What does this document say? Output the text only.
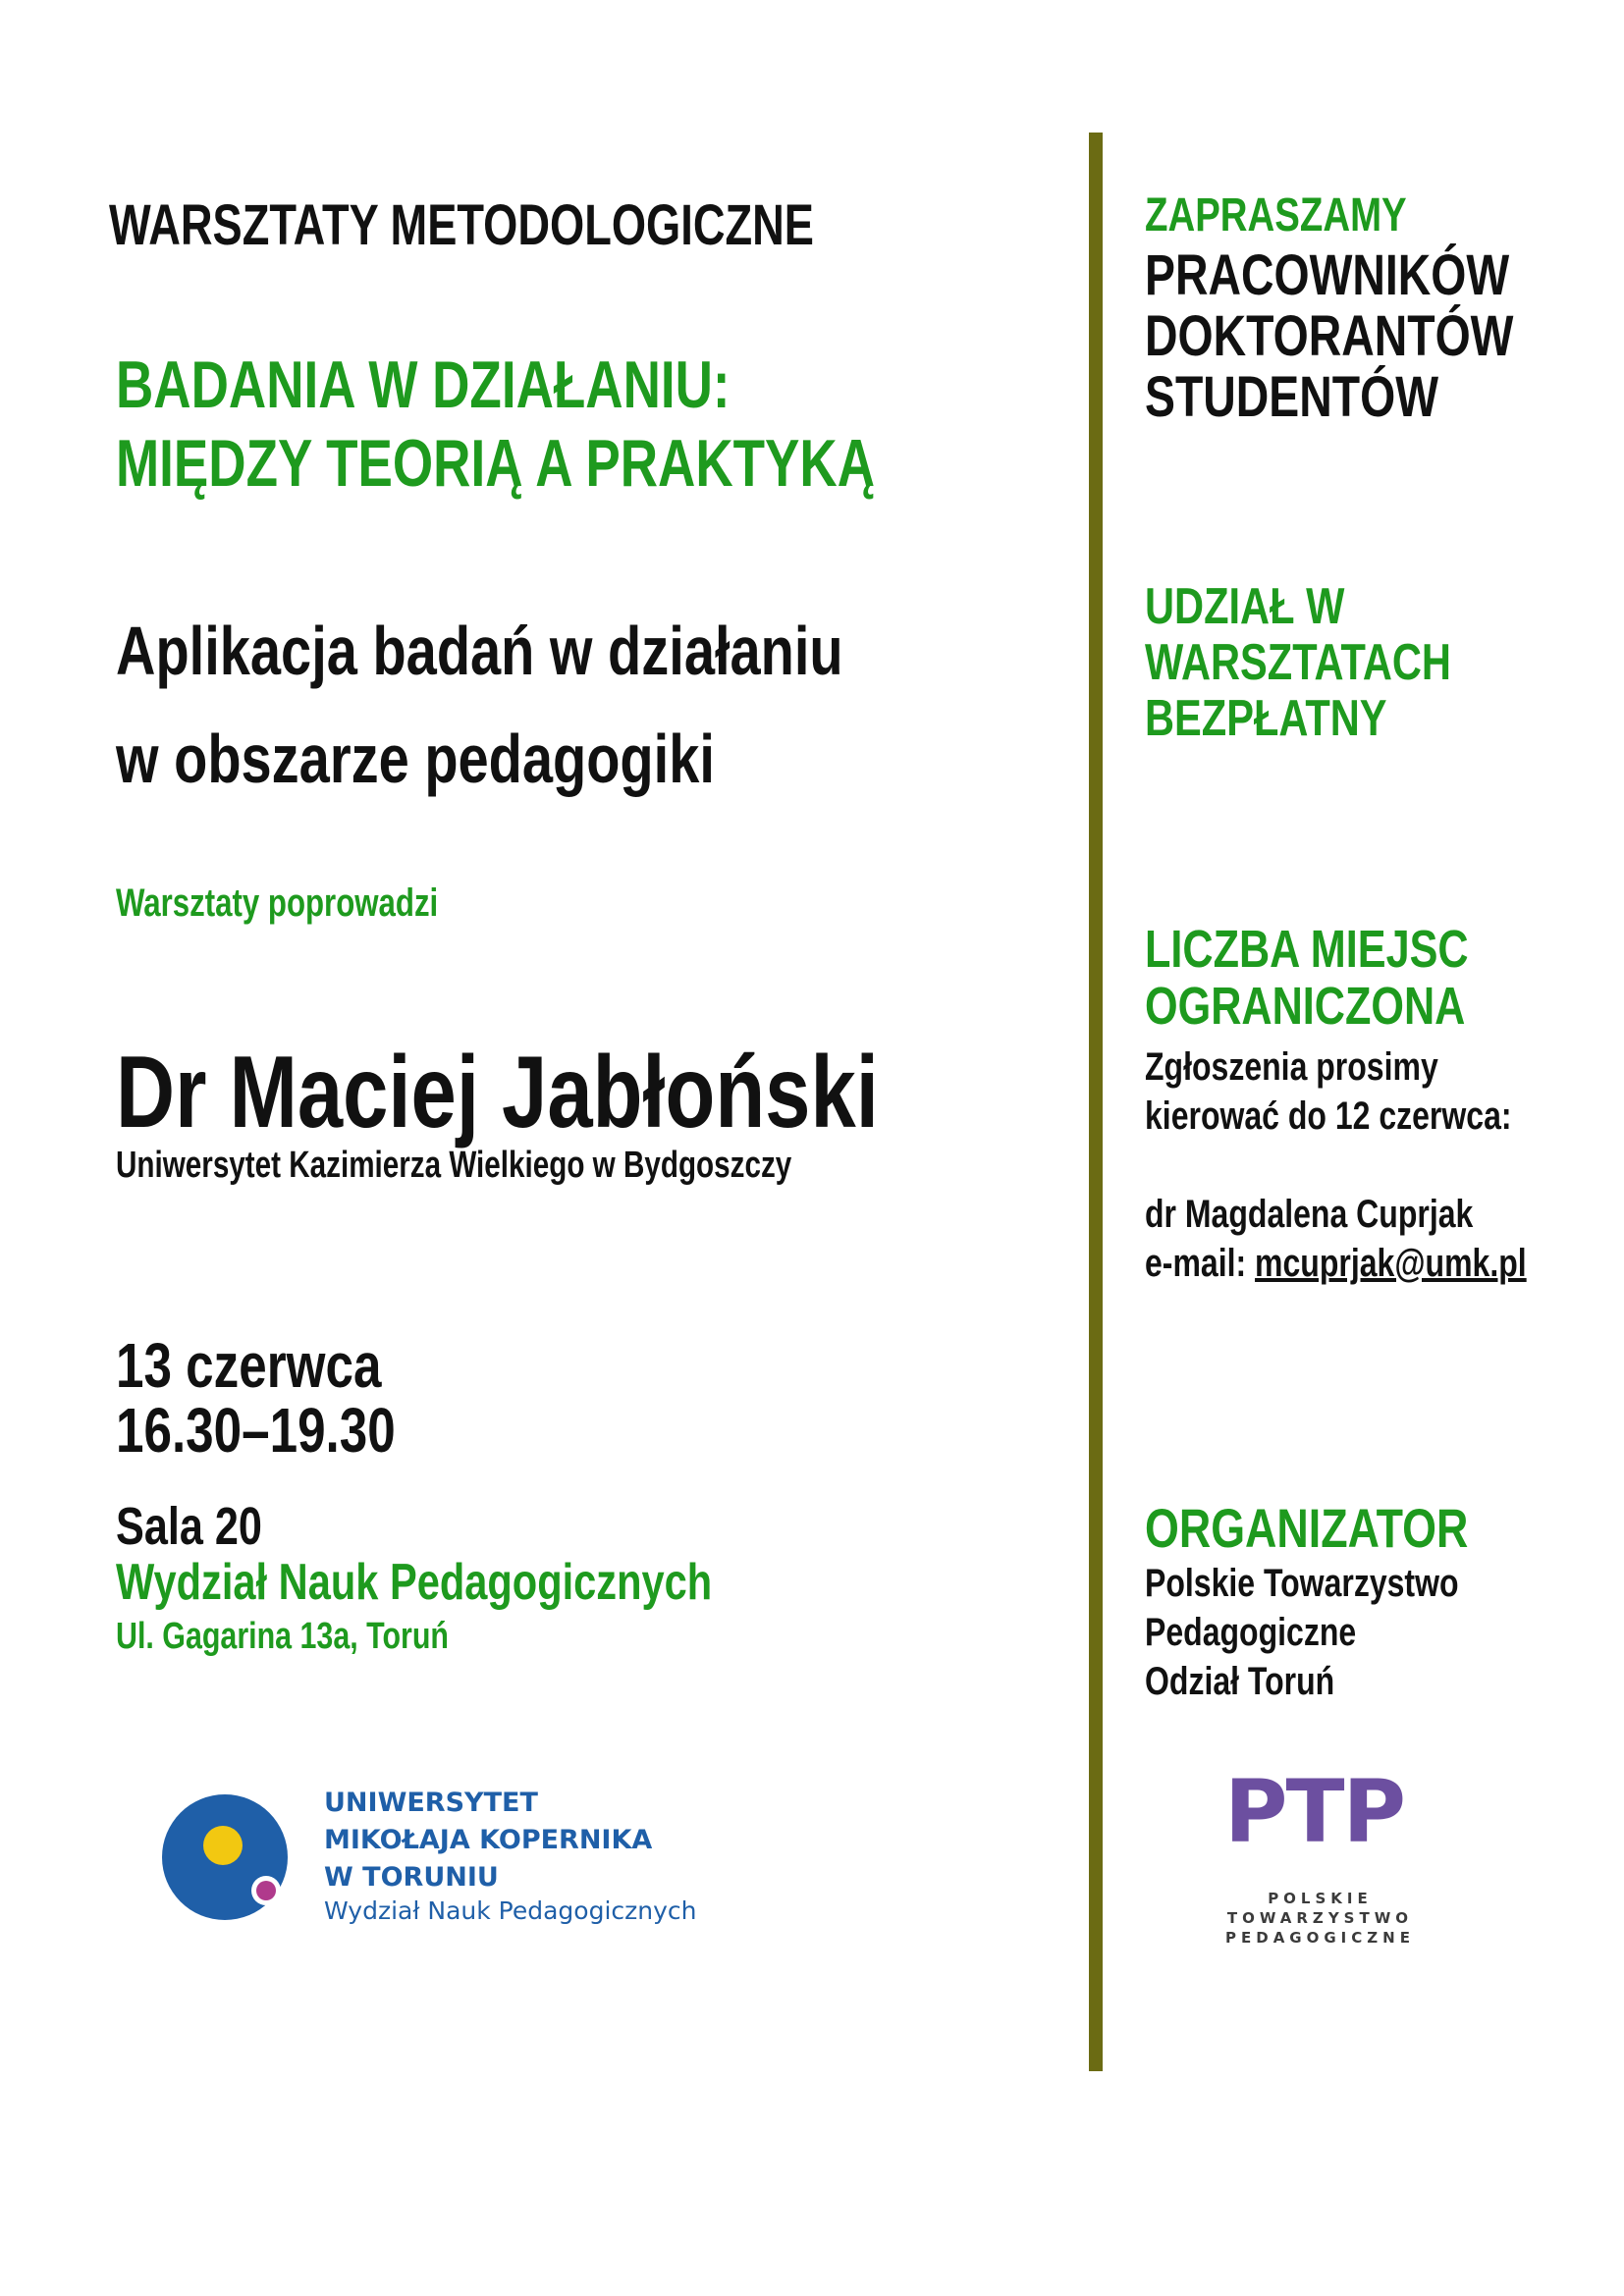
WARSZTATY METODOLOGICZNE
BADANIA W DZIAŁANIU:
MIĘDZY TEORIĄ A PRAKTYKĄ
Aplikacja badań w działaniu
w obszarze pedagogiki
Warsztaty poprowadzi
Dr Maciej Jabłoński
Uniwersytet Kazimierza Wielkiego w Bydgoszczy
13 czerwca
16.30–19.30
Sala 20
Wydział Nauk Pedagogicznych
Ul. Gagarina 13a, Toruń
ZAPRASZAMY
PRACOWNIKÓW
DOKTORANTÓW
STUDENTÓW
UDZIAŁ W
WARSZTATACH
BEZPŁATNY
LICZBA MIEJSC
OGRANICZONA
Zgłoszenia prosimy
kierować do 12 czerwca:
dr Magdalena Cuprjak
e-mail: mcuprjak@umk.pl
ORGANIZATOR
Polskie Towarzystwo
Pedagogiczne
Odział Toruń
UNIWERSYTET
MIKOŁAJA KOPERNIKA
W TORUNIU
Wydział Nauk Pedagogicznych
PTP
POLSKIE
TOWARZYSTWO
PEDAGOGICZNE
